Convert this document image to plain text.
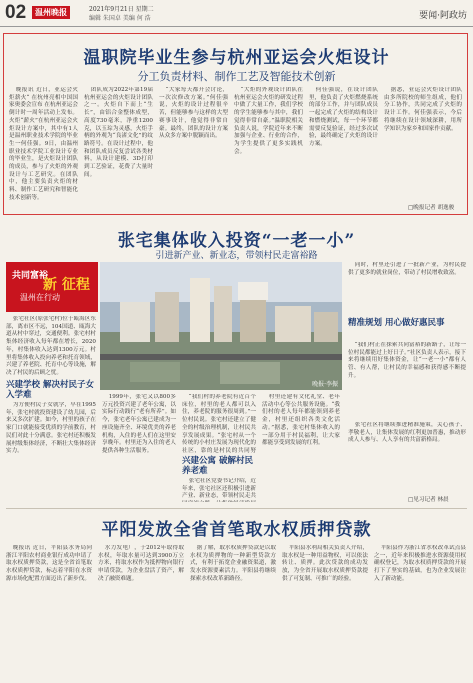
02	温州晚报	2021年9月21日 星期二
编辑 朱国卓 美编 何 浩	要闻·阿政坊
温职院毕业生参与杭州亚运会火炬设计
分工负责材料、制作工艺及智能技术创新
晚报讯 近日，亚运会火炬薪火“ 在杭州亮相中国国家奥委会宣布 在杭州亚运会倒计时一周年活动上发布。火炬“薪火”在杭州亚运会火炬设计方案中，其中有1人是温州职业技术学院的毕业生一何佳强。9日，由温州职业技术学院工业设计专业的毕业生，是火炬设计团队的成员，参与了火炬的外观设计与工艺研究。在团队中，他主要负责火炬的材料、制作工艺研究和智能化技术创新等。
团队成为2022年第19届杭州亚运会的火炬设计团队之一。火炬自下而上“生长”，由铝合金整体成型，高度730毫米，净重1200克，以玉琮为灵感，火炬手柄的外观为“良渚文化”的纹路符号。在设计过程中，他和团队成员反复尝试各类材料，从设计建模、3D打印到工艺验证，花费了大量时间。
“大家每天都开会讨论，一次次修改方案。”何佳强说，火炬的设计过程很辛苦，但能够参与这样的大型赛事设计，他觉得非常自豪。最终，团队的设计方案从众多方案中脱颖而出。
“大炬的外观设计团队在杭州亚运会火炬的研发过程中做了大量工作，我们学校的学生能够参与其中，我们觉得非常自豪。”温职院相关负责人说，学院近年来不断加强与企业、行业的合作，为学生提供了更多实践机会。
何佳强说，在设计团队里，他负责了火炬燃烧系统的部分工作，并与团队成员一起完成了火炬的结构设计和燃烧测试，每一个环节都需要反复验证，经过多次试验，最终确定了火炬的设计方案。
据悉，亚运会火炬设计团队由多所院校的师生组成，他们分工协作，共同完成了火炬的设计工作。何佳强表示，今后将继续在设计领域深耕，用所学知识为家乡和国家作贡献。
□晚报记者 胡逸骏
张宅集体收入投资“一老一小”
引进新产业、新业态，带领村民走富裕路
共同富裕
新 征程
温州在行动
晚报·李振
张宅社区(原张宅村)位于瓯海区东部，离市区不远，104国道、瓯海大道从村中穿过，交通便利。张宅村村集体经济收入每年都在增长，2020年，村集体收入达到1300万元。村里将集体收入投向养老和托育领域，兴建了养老院、托育中心等设施，解决了村民的后顾之忧。
兴建学校 解决村民子女入学难
为方便村民子女就学，早在1995年，张宅村就投资建设了幼儿园，后来又多次扩建。如今，村里的孩子在家门口就能接受优质的学前教育，村民们对此十分满意。张宅村还积极发展村级集体经济，不断壮大集体经济实力。
1999年，张宅又以800多万元投资兴建了老年公寓，以实际行动践行“老有所养”。如今，张宅老年公寓已建成为一座设施齐全、环境优美的养老机构，入住的老人们在这里安享晚年。村里还为入住的老人提供各种生活服务。
“我们村的养老院有近百个床位，村里的老人都可以入住，养老院的服务很周到。”一位村民说。张宅村还建立了健全的村级治理机制，让村民共享发展成果。“张宅村从一个传统的小村庄发展为现代化的社区，靠的是村民的共同努
兴建公寓 破解村民养老难
张宅社区党委书记介绍，近年来，张宅社区还积极引进新产业、新业态，带领村民走共
村里还建有文化礼堂、老年活动中心等公共服务设施。“我们村的老人每年都能领到养老金，村里还组织各类文化活动。”据悉，张宅村集体收入的一部分用于村民福利，让大家都能享受到发展的红利。
同时，村里还引进了一批新产业，为村民提供了更多的就业岗位，带动了村民增收致富。
精准规划 用心做好惠民事
“我们村正在探索共同富裕的新路子，让每一位村民都能过上好日子。”社区负责人表示，接下来将继续用好集体资金，让“一老一小”都有人管、有人帮，让村民的幸福感和获得感不断提升。
张宅社区将继续推进精准施策，关心孩子、孝敬老人，让集体发展的红利更加普惠，推动形成人人参与、人人享有的共富新格局。
□见习记者 林晨
平阳发放全省首笔取水权质押贷款
晚报讯 近日，平阳县水务局向浙江平阳农村商业银行成功申请了取水权质押贷款，这是全省首笔取水权质押贷款，标志着平阳在水资源市场化配置方面迈出了新步伐。
水力发电厂，于2012年取得取水权，年取水量可达到3900万立方米，将取水权作为抵押物向银行申请贷款，为企业盘活了资产，解决了融资难题。
据了解，取水权质押贷款是以取水权为质押物的一种新型贷款方式，有利于拓宽企业融资渠道，激发水资源要素活力。平阳县将继续探索水权改革新路径。
平阳县水利局相关负责人介绍，取水权是一种用益物权，可以依法转让、质押。此次贷款的成功发放，为全省开展取水权质押贷款提供了可复制、可推广的经验。
平阳县作为浙江省水权改革试点县之一，近年来积极推进水资源使用权确权登记，为取水权质押贷款的开展打下了坚实的基础，也为企业发展注入了新动能。
